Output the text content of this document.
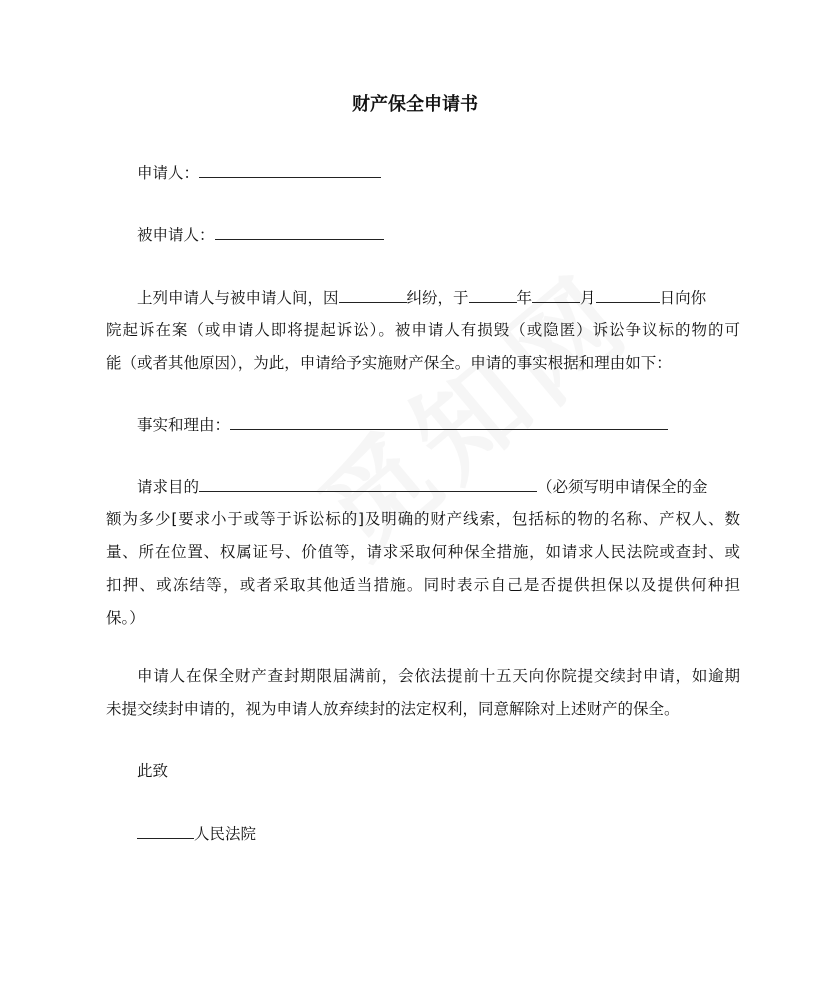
财产保全申请书
申请人：
被申请人：
上列申请人与被申请人间，因	纠纷，于	年	月	日向你
院起诉在案（或申请人即将提起诉讼）。被申请人有损毁（或隐匿）诉讼争议标的物的可
能（或者其他原因），为此，申请给予实施财产保全。申请的事实根据和理由如下：
事实和理由：
请求目的	（必须写明申请保全的金
额为多少[要求小于或等于诉讼标的]及明确的财产线索，包括标的物的名称、产权人、数
量、所在位置、权属证号、价值等，请求采取何种保全措施，如请求人民法院或查封、或
扣押、或冻结等，或者采取其他适当措施。同时表示自己是否提供担保以及提供何种担
保。）
申请人在保全财产查封期限届满前，会依法提前十五天向你院提交续封申请，如逾期
未提交续封申请的，视为申请人放弃续封的法定权利，同意解除对上述财产的保全。
此致
人民法院
